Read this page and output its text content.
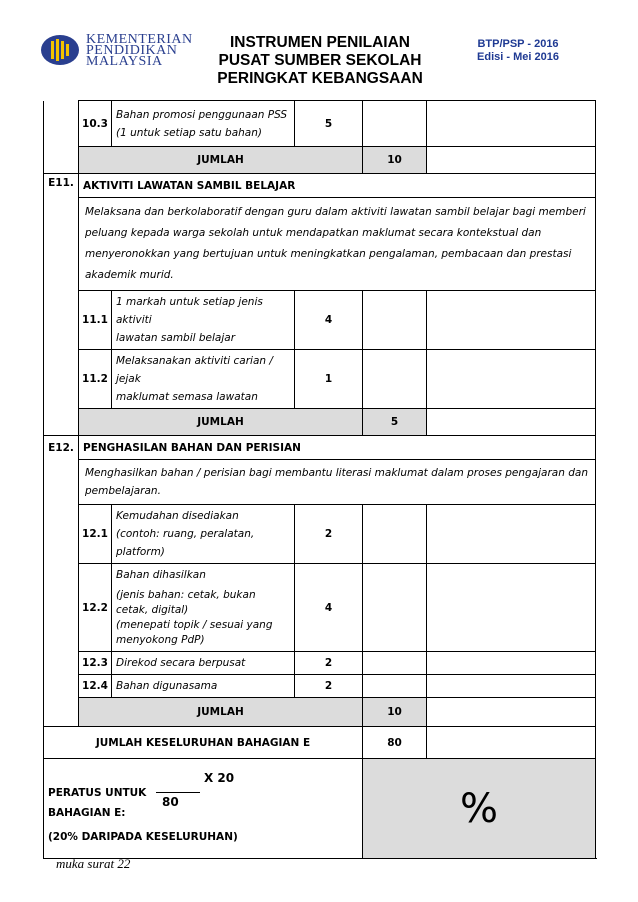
KEMENTERIAN
PENDIDIKAN
MALAYSIA
INSTRUMEN PENILAIAN
PUSAT SUMBER SEKOLAH
PERINGKAT KEBANGSAAN
BTP/PSP - 2016
Edisi - Mei 2016
	10.3	Bahan promosi penggunaan PSS
(1 untuk setiap satu bahan)	5			
	JUMLAH			10		
E11.	AKTIVITI LAWATAN SAMBIL BELAJAR					
	Melaksana dan berkolaboratif dengan guru dalam aktiviti lawatan sambil belajar bagi memberi peluang kepada warga sekolah untuk mendapatkan maklumat secara kontekstual dan menyeronokkan yang bertujuan untuk meningkatkan pengalaman, pembacaan dan prestasi akademik murid.					
	11.1	1 markah untuk setiap jenis aktiviti
lawatan sambil belajar	4			
	11.2	Melaksanakan aktiviti carian / jejak
maklumat semasa lawatan	1			
	JUMLAH			5		
E12.	PENGHASILAN BAHAN DAN PERISIAN					
	Menghasilkan bahan / perisian bagi membantu literasi maklumat dalam proses pengajaran dan pembelajaran.					
	12.1	Kemudahan disediakan
(contoh: ruang, peralatan, platform)	2			
	12.2	Bahan dihasilkan
(jenis bahan: cetak, bukan cetak, digital)
(menepati topik / sesuai yang menyokong PdP)	4			
	12.3	Direkod secara berpusat	2			
	12.4	Bahan digunasama	2			
	JUMLAH			10		
JUMLAH KESELURUHAN BAHAGIAN E				80		

X 20
80
PERATUS UNTUK
BAHAGIAN E:
(20% DARIPADA KESELURUHAN)				%		
muka surat 22
